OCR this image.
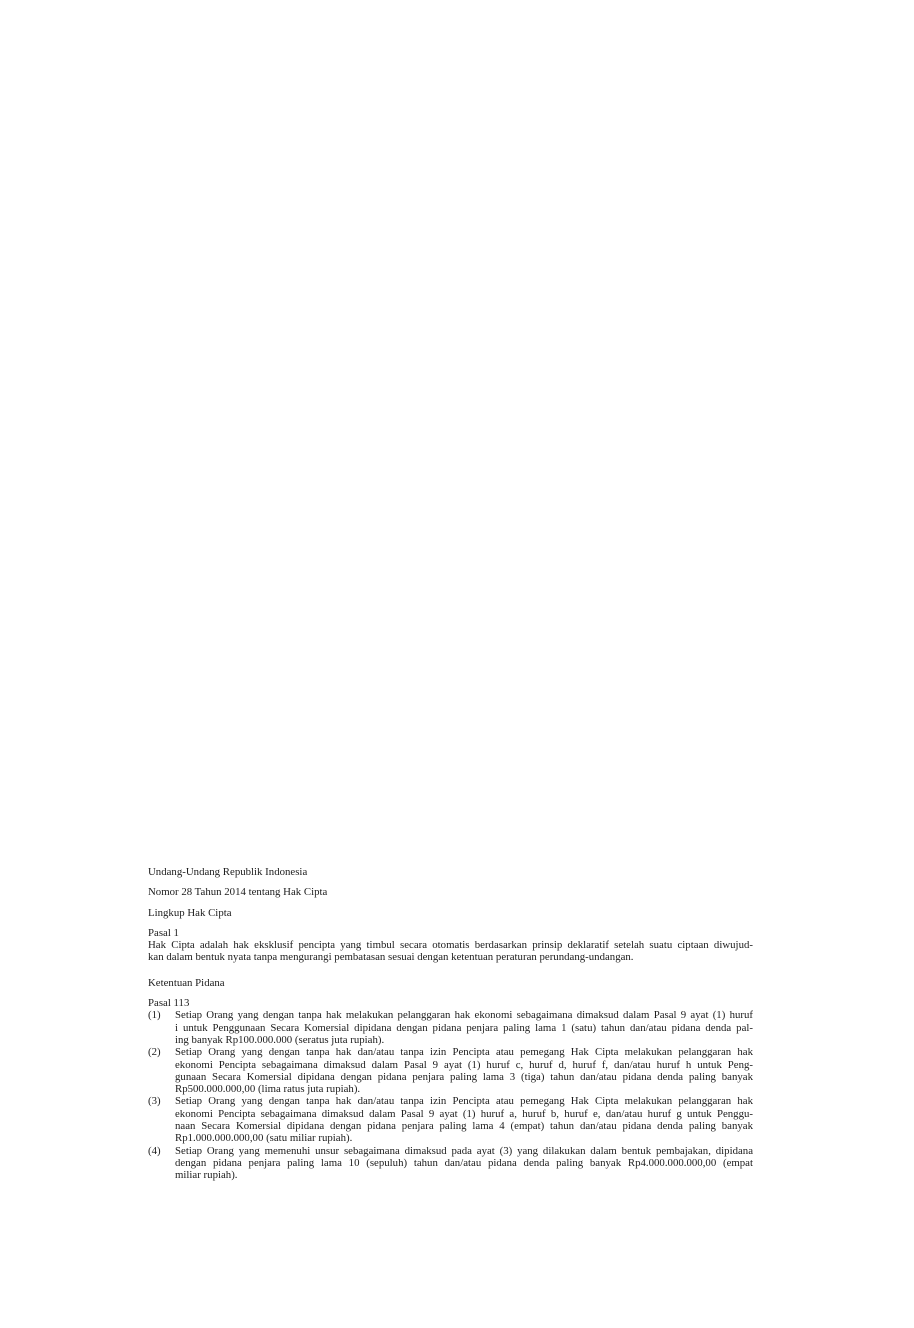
Undang-Undang Republik Indonesia
Nomor 28 Tahun 2014 tentang Hak Cipta
Lingkup Hak Cipta
Pasal 1
Hak Cipta adalah hak eksklusif pencipta yang timbul secara otomatis berdasarkan prinsip deklaratif setelah suatu ciptaan diwujud-
kan dalam bentuk nyata tanpa mengurangi pembatasan sesuai dengan ketentuan peraturan perundang-undangan.
Ketentuan Pidana
Pasal 113
(1) Setiap Orang yang dengan tanpa hak melakukan pelanggaran hak ekonomi sebagaimana dimaksud dalam Pasal 9 ayat (1) huruf
i untuk Penggunaan Secara Komersial dipidana dengan pidana penjara paling lama 1 (satu) tahun dan/atau pidana denda pal-
ing banyak Rp100.000.000 (seratus juta rupiah).
(2) Setiap Orang yang dengan tanpa hak dan/atau tanpa izin Pencipta atau pemegang Hak Cipta melakukan pelanggaran hak
ekonomi Pencipta sebagaimana dimaksud dalam Pasal 9 ayat (1) huruf c, huruf d, huruf f, dan/atau huruf h untuk Peng-
gunaan Secara Komersial dipidana dengan pidana penjara paling lama 3 (tiga) tahun dan/atau pidana denda paling banyak
Rp500.000.000,00 (lima ratus juta rupiah).
(3) Setiap Orang yang dengan tanpa hak dan/atau tanpa izin Pencipta atau pemegang Hak Cipta melakukan pelanggaran hak
ekonomi Pencipta sebagaimana dimaksud dalam Pasal 9 ayat (1) huruf a, huruf b, huruf e, dan/atau huruf g untuk Penggu-
naan Secara Komersial dipidana dengan pidana penjara paling lama 4 (empat) tahun dan/atau pidana denda paling banyak
Rp1.000.000.000,00 (satu miliar rupiah).
(4) Setiap Orang yang memenuhi unsur sebagaimana dimaksud pada ayat (3) yang dilakukan dalam bentuk pembajakan, dipidana
dengan pidana penjara paling lama 10 (sepuluh) tahun dan/atau pidana denda paling banyak Rp4.000.000.000,00 (empat
miliar rupiah).
